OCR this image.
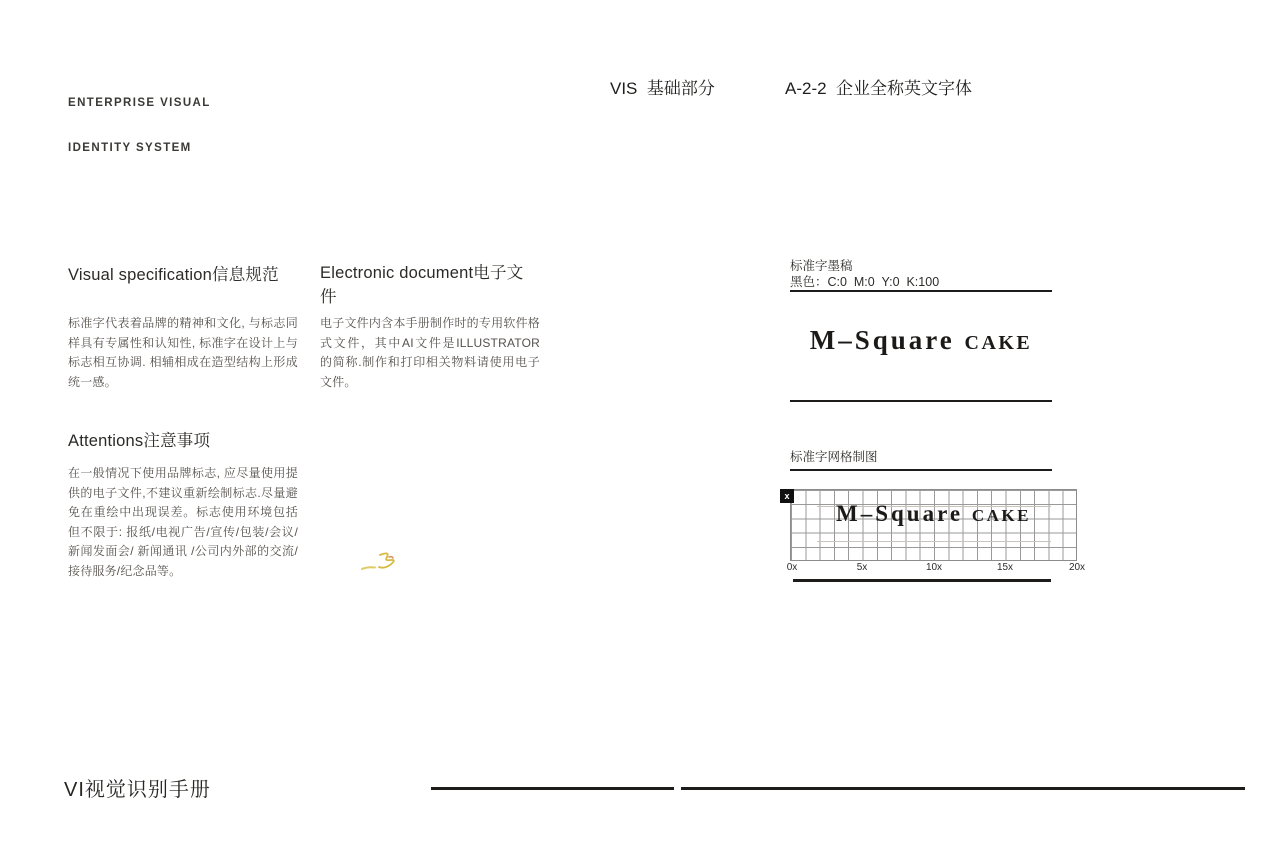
ENTERPRISE VISUAL

IDENTITY SYSTEM

VIS  基础部分	A-2-2  企业全称英文字体
Visual specification信息规范
标准字代表着品牌的精神和文化, 与标志同样具有专属性和认知性, 标准字在设计上与标志相互协调. 相辅相成在造型结构上形成统一感。
Attentions注意事项
在一般情况下使用品牌标志, 应尽量使用提供的电子文件,不建议重新绘制标志.尽量避免在重绘中出现误差。标志使用环境包括但不限于: 报纸/电视广告/宣传/包装/会议/新闻发面会/ 新闻通讯 /公司内外部的交流/接待服务/纪念品等。
Electronic document电子文件
电子文件内含本手册制作时的专用软件格式文件，其中AI文件是ILLUSTRATOR 的简称.制作和打印相关物料请使用电子文件。
标准字墨稿
黑色：C:0  M:0  Y:0  K:100
M–Square CAKE
标准字网格制图
x
M–Square CAKE
0x	5x	10x	15x	20x
VI视觉识别手册
